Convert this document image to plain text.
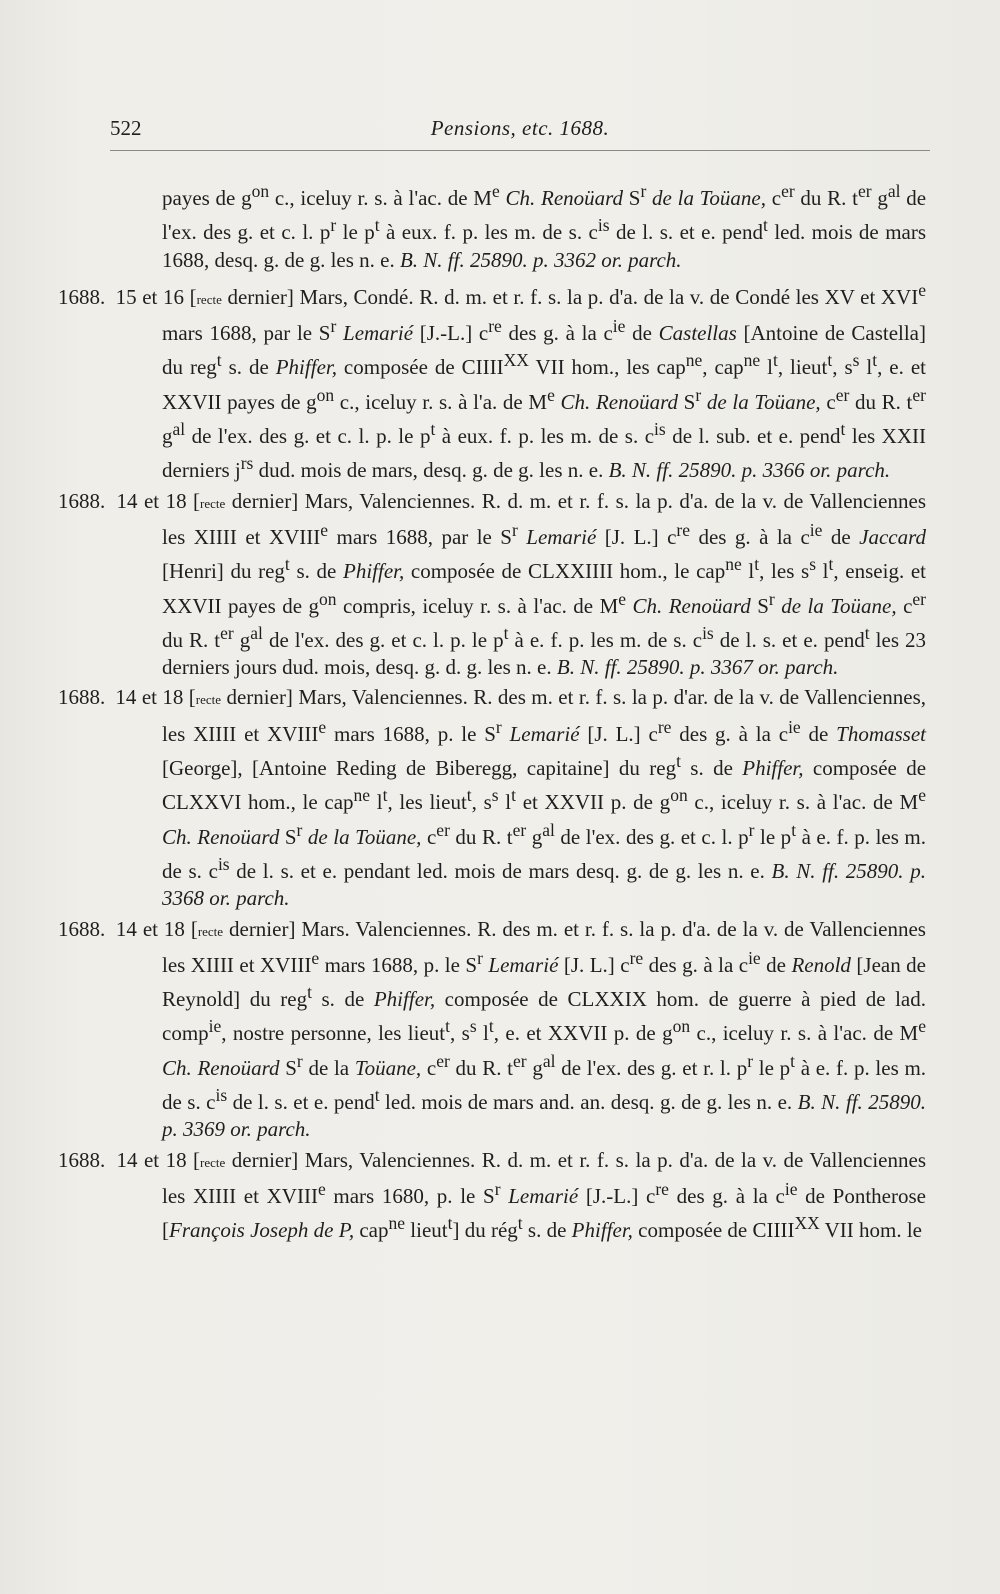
522	Pensions, etc. 1688.

payes de $g^{on}$ c., iceluy r. s. à l'ac. de Me Ch. Renoüard $S^r$ de la Toüane, $c^{er}$ du R. $t^{er}$ $g^{al}$ de l'ex. des g. et c. l. $p^r$ le $p^t$ à eux. f. p. les m. de s. $c^{is}$ de l. s. et e. pend$^t$ led. mois de mars 1688, desq. g. de g. les n. e. B. N. ff. 25890. p. 3362 or. parch.

1688. 15 et 16 [recte dernier] Mars, Condé. R. d. m. et r. f. s. la p. d'a. de la v. de Condé les XV et XVIe mars 1688, par le $S^r$ Lemarié [J.-L.] $c^{re}$ des g. à la $c^{ie}$ de Castellas [Antoine de Castella] du reg$^t$ s. de Phiffer, composée de $CIIII^{XX}$ VII hom., les cap$^{ne}$, cap$^{ne}$ $l^t$, lieut$^t$, $s^s$ $l^t$, e. et XXVII payes de $g^{on}$ c., iceluy r. s. à l'a. de Me Ch. Renoüard $S^r$ de la Toüane, $c^{er}$ du R. $t^{er}$ $g^{al}$ de l'ex. des g. et c. l. p. le $p^t$ à eux. f. p. les m. de s. $c^{is}$ de l. sub. et e. pend$^t$ les XXII derniers $j^{rs}$ dud. mois de mars, desq. g. de g. les n. e. B. N. ff. 25890. p. 3366 or. parch.

1688. 14 et 18 [recte dernier] Mars, Valenciennes. R. d. m. et r. f. s. la p. d'a. de la v. de Vallenciennes les XIIII et XVIIIe mars 1688, par le $S^r$ Lemarié [J. L.] $c^{re}$ des g. à la $c^{ie}$ de Jaccard [Henri] du reg$^t$ s. de Phiffer, composée de CLXXIIII hom., le cap$^{ne}$ $l^t$, les $s^s$ $l^t$, enseig. et XXVII payes de $g^{on}$ compris, iceluy r. s. à l'ac. de Me Ch. Renoüard $S^r$ de la Toüane, $c^{er}$ du R. $t^{er}$ $g^{al}$ de l'ex. des g. et c. l. p. le $p^t$ à e. f. p. les m. de s. $c^{is}$ de l. s. et e. pend$^t$ les 23 derniers jours dud. mois, desq. g. d. g. les n. e. B. N. ff. 25890. p. 3367 or. parch.

1688. 14 et 18 [recte dernier] Mars, Valenciennes. R. des m. et r. f. s. la p. d'ar. de la v. de Vallenciennes, les XIIII et XVIIIe mars 1688, p. le $S^r$ Lemarié [J. L.] $c^{re}$ des g. à la $c^{ie}$ de Thomasset [George], [Antoine Reding de Biberegg, capitaine] du reg$^t$ s. de Phiffer, composée de CLXXVI hom., le cap$^{ne}$ $l^t$, les lieut$^t$, $s^s$ $l^t$ et XXVII p. de $g^{on}$ c., iceluy r. s. à l'ac. de Me Ch. Renoüard $S^r$ de la Toüane, $c^{er}$ du R. $t^{er}$ $g^{al}$ de l'ex. des g. et c. l. $p^r$ le $p^t$ à e. f. p. les m. de s. $c^{is}$ de l. s. et e. pendant led. mois de mars desq. g. de g. les n. e. B. N. ff. 25890. p. 3368 or. parch.

1688. 14 et 18 [recte dernier] Mars. Valenciennes. R. des m. et r. f. s. la p. d'a. de la v. de Vallenciennes les XIIII et XVIIIe mars 1688, p. le $S^r$ Lemarié [J. L.] $c^{re}$ des g. à la $c^{ie}$ de Renold [Jean de Reynold] du reg$^t$ s. de Phiffer, composée de CLXXIX hom. de guerre à pied de lad. comp$^{ie}$, nostre personne, les lieut$^t$, $s^s$ $l^t$, e. et XXVII p. de $g^{on}$ c., iceluy r. s. à l'ac. de Me Ch. Renoüard $S^r$ de la Toüane, $c^{er}$ du R. $t^{er}$ $g^{al}$ de l'ex. des g. et r. l. $p^r$ le $p^t$ à e. f. p. les m. de s. $c^{is}$ de l. s. et e. pend$^t$ led. mois de mars and. an. desq. g. de g. les n. e. B. N. ff. 25890. p. 3369 or. parch.

1688. 14 et 18 [recte dernier] Mars, Valenciennes. R. d. m. et r. f. s. la p. d'a. de la v. de Vallenciennes les XIIII et XVIIIe mars 1680, p. le $S^r$ Lemarié [J.-L.] $c^{re}$ des g. à la $c^{ie}$ de Pontherose [François Joseph de P, cap$^{ne}$ lieut$^t$] du rég$^t$ s. de Phiffer, composée de $CIIII^{XX}$ VII hom. le
